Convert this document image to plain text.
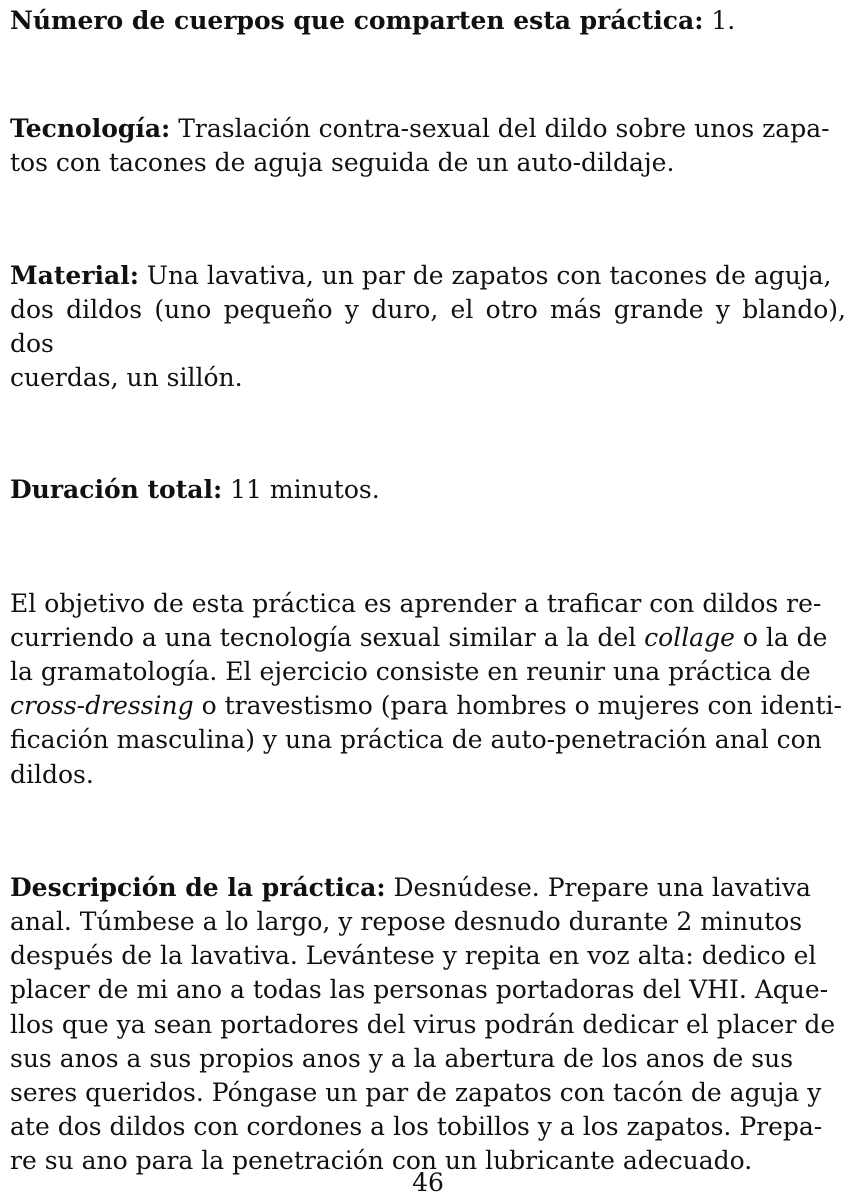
Número de cuerpos que comparten esta práctica: 1.

Tecnología: Traslación contra-sexual del dildo sobre unos zapa-
tos con tacones de aguja seguida de un auto-dildaje.

Material: Una lavativa, un par de zapatos con tacones de aguja,
dos dildos (uno pequeño y duro, el otro más grande y blando), dos
cuerdas, un sillón.

Duración total: 11 minutos.

El objetivo de esta práctica es aprender a traficar con dildos re-
curriendo a una tecnología sexual similar a la del collage o la de
la gramatología. El ejercicio consiste en reunir una práctica de
cross-dressing o travestismo (para hombres o mujeres con identi-
ficación masculina) y una práctica de auto-penetración anal con
dildos.

Descripción de la práctica: Desnúdese. Prepare una lavativa
anal. Túmbese a lo largo, y repose desnudo durante 2 minutos
después de la lavativa. Levántese y repita en voz alta: dedico el
placer de mi ano a todas las personas portadoras del VHI. Aque-
llos que ya sean portadores del virus podrán dedicar el placer de
sus anos a sus propios anos y a la abertura de los anos de sus
seres queridos. Póngase un par de zapatos con tacón de aguja y
ate dos dildos con cordones a los tobillos y a los zapatos. Prepa-
re su ano para la penetración con un lubricante adecuado.

46
